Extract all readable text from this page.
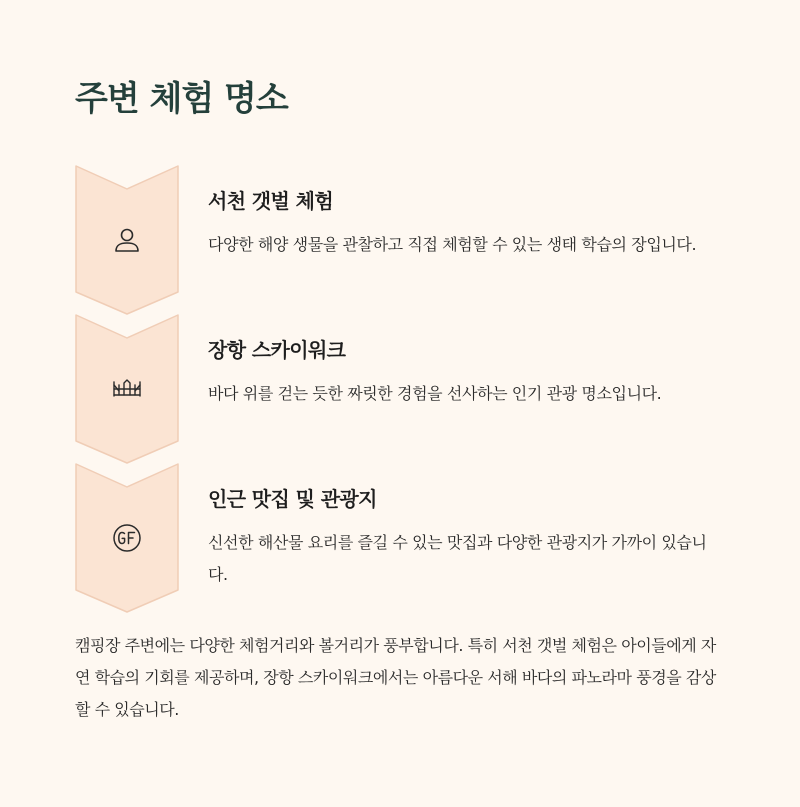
주변 체험 명소
서천 갯벌 체험

다양한 해양 생물을 관찰하고 직접 체험할 수 있는 생태 학습의 장입니다.

장항 스카이워크

바다 위를 걷는 듯한 짜릿한 경험을 선사하는 인기 관광 명소입니다.

인근 맛집 및 관광지

신선한 해산물 요리를 즐길 수 있는 맛집과 다양한 관광지가 가까이 있습니다.

캠핑장 주변에는 다양한 체험거리와 볼거리가 풍부합니다. 특히 서천 갯벌 체험은 아이들에게 자연 학습의 기회를 제공하며, 장항 스카이워크에서는 아름다운 서해 바다의 파노라마 풍경을 감상할 수 있습니다.
